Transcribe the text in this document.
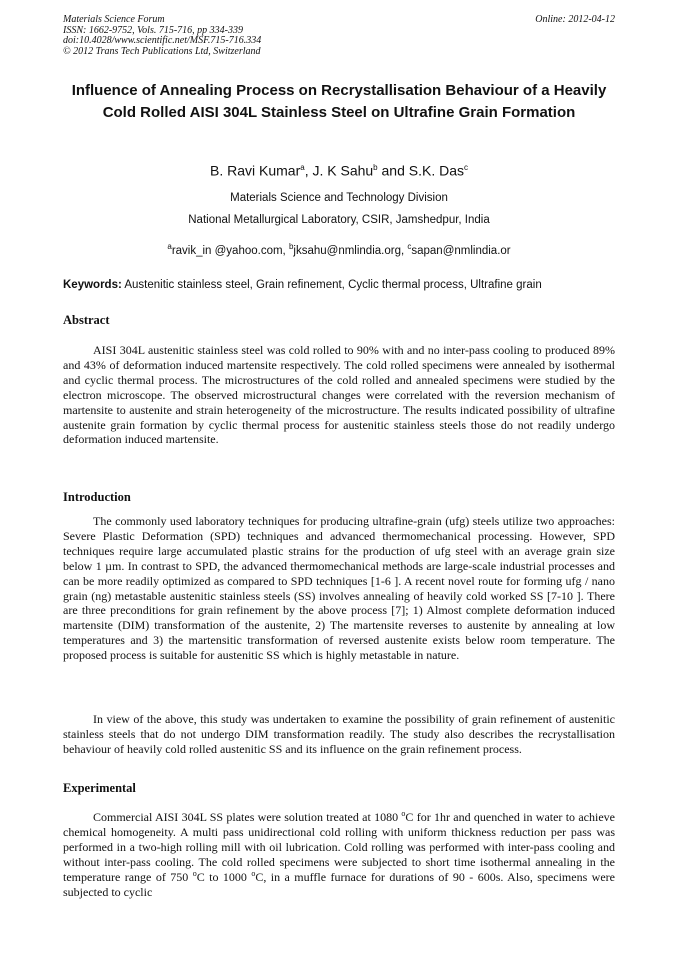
Materials Science Forum
ISSN: 1662-9752, Vols. 715-716, pp 334-339
doi:10.4028/www.scientific.net/MSF.715-716.334
© 2012 Trans Tech Publications Ltd, Switzerland
Online: 2012-04-12
Influence of Annealing Process on Recrystallisation Behaviour of a Heavily Cold Rolled AISI 304L Stainless Steel on Ultrafine Grain Formation
B. Ravi Kumar$^a$, J. K Sahu$^b$ and S.K. Das$^c$
Materials Science and Technology Division
National Metallurgical Laboratory, CSIR, Jamshedpur, India
$^a$ravik_in @yahoo.com, $^b$jksahu@nmlindia.org, $^c$sapan@nmlindia.or
Keywords: Austenitic stainless steel, Grain refinement, Cyclic thermal process, Ultrafine grain
Abstract
AISI 304L austenitic stainless steel was cold rolled to 90% with and no inter-pass cooling to produced 89% and 43% of deformation induced martensite respectively. The cold rolled specimens were annealed by isothermal and cyclic thermal process. The microstructures of the cold rolled and annealed specimens were studied by the electron microscope. The observed microstructural changes were correlated with the reversion mechanism of martensite to austenite and strain heterogeneity of the microstructure. The results indicated possibility of ultrafine austenite grain formation by cyclic thermal process for austenitic stainless steels those do not readily undergo deformation induced martensite.
Introduction
The commonly used laboratory techniques for producing ultrafine-grain (ufg) steels utilize two approaches: Severe Plastic Deformation (SPD) techniques and advanced thermomechanical processing. However, SPD techniques require large accumulated plastic strains for the production of ufg steel with an average grain size below 1 µm. In contrast to SPD, the advanced thermomechanical methods are large-scale industrial processes and can be more readily optimized as compared to SPD techniques [1-6 ]. A recent novel route for forming ufg / nano grain (ng) metastable austenitic stainless steels (SS) involves annealing of heavily cold worked SS [7-10 ]. There are three preconditions for grain refinement by the above process [7]; 1) Almost complete deformation induced martensite (DIM) transformation of the austenite, 2) The martensite reverses to austenite by annealing at low temperatures and 3) the martensitic transformation of reversed austenite exists below room temperature. The proposed process is suitable for austenitic SS which is highly metastable in nature.
In view of the above, this study was undertaken to examine the possibility of grain refinement of austenitic stainless steels that do not undergo DIM transformation readily. The study also describes the recrystallisation behaviour of heavily cold rolled austenitic SS and its influence on the grain refinement process.
Experimental
Commercial AISI 304L SS plates were solution treated at 1080 $^o$C for 1hr and quenched in water to achieve chemical homogeneity. A multi pass unidirectional cold rolling with uniform thickness reduction per pass was performed in a two-high rolling mill with oil lubrication. Cold rolling was performed with inter-pass cooling and without inter-pass cooling. The cold rolled specimens were subjected to short time isothermal annealing in the temperature range of 750 $^o$C to 1000 $^o$C, in a muffle furnace for durations of 90 - 600s. Also, specimens were subjected to cyclic
